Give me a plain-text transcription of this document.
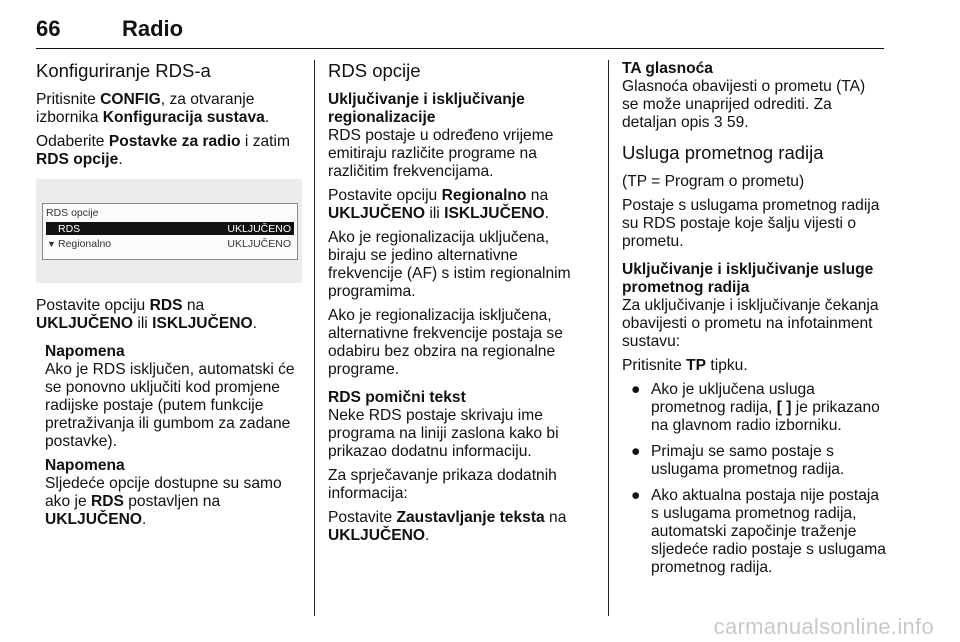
66	Radio
Konfiguriranje RDS-a

Pritisnite CONFIG, za otvaranje izbornika Konfiguracija sustava.

Odaberite Postavke za radio i zatim RDS opcije.

RDS opcije
RDS	UKLJUČENO
▼ Regionalno	UKLJUČENO

Postavite opciju RDS na
UKLJUČENO ili ISKLJUČENO.

Napomena
Ako je RDS isključen, automatski će se ponovno uključiti kod promjene radijske postaje (putem funkcije pretraživanja ili gumbom za zadane postavke).
Napomena
Sljedeće opcije dostupne su samo ako je RDS postavljen na
UKLJUČENO.
RDS opcije
Uključivanje i isključivanje regionalizacije

RDS postaje u određeno vrijeme emitiraju različite programe na različitim frekvencijama.

Postavite opciju Regionalno na
UKLJUČENO ili ISKLJUČENO.

Ako je regionalizacija uključena, biraju se jedino alternativne frekvencije (AF) s istim regionalnim programima.

Ako je regionalizacija isključena, alternativne frekvencije postaja se odabiru bez obzira na regionalne programe.

RDS pomični tekst

Neke RDS postaje skrivaju ime programa na liniji zaslona kako bi prikazao dodatnu informaciju.

Za sprječavanje prikaza dodatnih informacija:

Postavite Zaustavljanje teksta na
UKLJUČENO.

TA glasnoća

Glasnoća obavijesti o prometu (TA) se može unaprijed odrediti. Za detaljan opis 3 59.

Usluga prometnog radija

(TP = Program o prometu)

Postaje s uslugama prometnog radija su RDS postaje koje šalju vijesti o prometu.

Uključivanje i isključivanje usluge prometnog radija

Za uključivanje i isključivanje čekanja obavijesti o prometu na infotainment sustavu:

Pritisnite TP tipku.

● Ako je uključena usluga prometnog radija, [ ] je prikazano na glavnom radio izborniku.
● Primaju se samo postaje s uslugama prometnog radija.
● Ako aktualna postaja nije postaja s uslugama prometnog radija, automatski započinje traženje sljedeće radio postaje s uslugama prometnog radija.
carmanualsonline.info
